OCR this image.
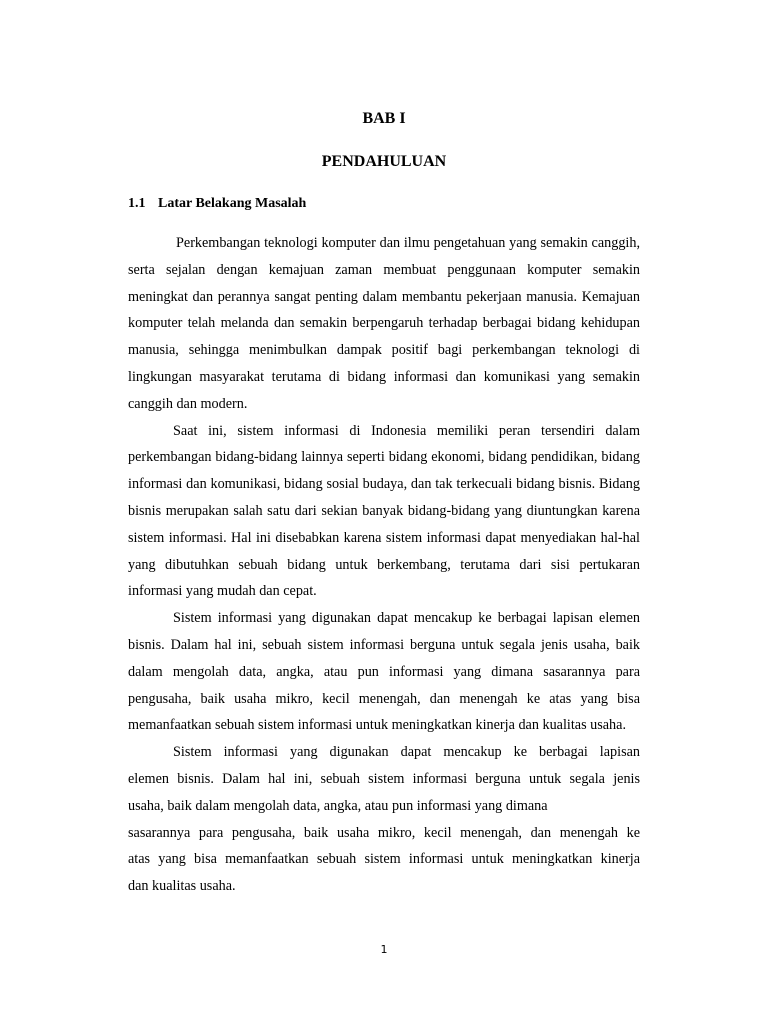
BAB I
PENDAHULUAN
1.1 Latar Belakang Masalah

Perkembangan teknologi komputer dan ilmu pengetahuan yang semakin canggih, serta sejalan dengan kemajuan zaman membuat penggunaan komputer semakin meningkat dan perannya sangat penting dalam membantu pekerjaan manusia. Kemajuan komputer telah melanda dan semakin berpengaruh terhadap berbagai bidang kehidupan manusia, sehingga menimbulkan dampak positif bagi perkembangan teknologi di lingkungan masyarakat terutama di bidang informasi dan komunikasi yang semakin canggih dan modern.

Saat ini, sistem informasi di Indonesia memiliki peran tersendiri dalam perkembangan bidang-bidang lainnya seperti bidang ekonomi, bidang pendidikan, bidang informasi dan komunikasi, bidang sosial budaya, dan tak terkecuali bidang bisnis. Bidang bisnis merupakan salah satu dari sekian banyak bidang-bidang yang diuntungkan karena sistem informasi. Hal ini disebabkan karena sistem informasi dapat menyediakan hal-hal yang dibutuhkan sebuah bidang untuk berkembang, terutama dari sisi pertukaran informasi yang mudah dan cepat.

Sistem informasi yang digunakan dapat mencakup ke berbagai lapisan elemen bisnis. Dalam hal ini, sebuah sistem informasi berguna untuk segala jenis usaha, baik dalam mengolah data, angka, atau pun informasi yang dimana sasarannya para pengusaha, baik usaha mikro, kecil menengah, dan menengah ke atas yang bisa memanfaatkan sebuah sistem informasi untuk meningkatkan kinerja dan kualitas usaha.

Sistem informasi yang digunakan dapat mencakup ke berbagai lapisan
elemen bisnis. Dalam hal ini, sebuah sistem informasi berguna untuk segala jenis
usaha, baik dalam mengolah data, angka, atau pun informasi yang dimana
sasarannya para pengusaha, baik usaha mikro, kecil menengah, dan menengah ke
atas yang bisa memanfaatkan sebuah sistem informasi untuk meningkatkan kinerja
dan kualitas usaha.
1
